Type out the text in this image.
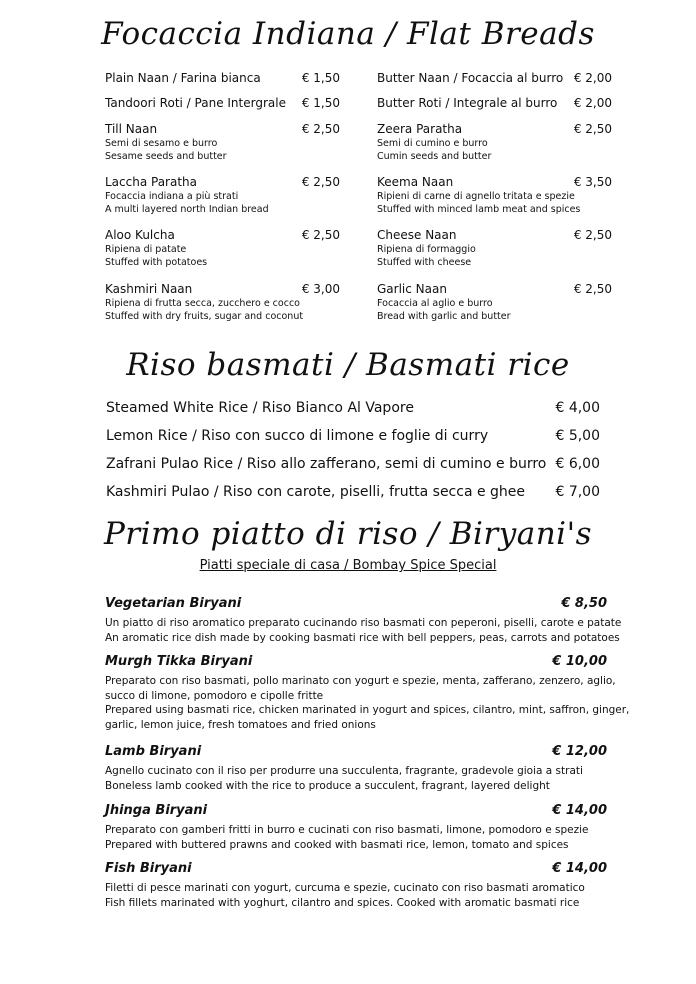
Focaccia Indiana / Flat Breads
Plain Naan / Farina bianca	€ 1,50
Tandoori Roti / Pane Intergrale € 1,50
Till Naan	€ 2,50
Semi di sesamo e burro
Sesame seeds and butter
Laccha Paratha	€ 2,50
Focaccia indiana a più strati
A multi layered north Indian bread
Aloo Kulcha	€ 2,50
Ripiena di patate
Stuffed with potatoes
Kashmiri Naan	€ 3,00
Ripiena di frutta secca, zucchero e cocco
Stuffed with dry fruits, sugar and coconut
Butter Naan / Focaccia al burro € 2,00
Butter Roti / Integrale al burro € 2,00
Zeera Paratha	€ 2,50
Semi di cumino e burro
Cumin seeds and butter
Keema Naan	€ 3,50
Ripieni di carne di agnello tritata e spezie
Stuffed with minced lamb meat and spices
Cheese Naan	€ 2,50
Ripiena di formaggio
Stuffed with cheese
Garlic Naan	€ 2,50
Focaccia al aglio e burro
Bread with garlic and butter
Riso basmati / Basmati rice
Steamed White Rice / Riso Bianco Al Vapore	€ 4,00
Lemon Rice / Riso con succo di limone e foglie di curry	€ 5,00
Zafrani Pulao Rice / Riso allo zafferano, semi di cumino e burro € 6,00
Kashmiri Pulao / Riso con carote, piselli, frutta secca e ghee € 7,00
Primo piatto di riso / Biryani's
Piatti speciale di casa / Bombay Spice Special
Vegetarian Biryani	€ 8,50
Un piatto di riso aromatico preparato cucinando riso basmati con peperoni, piselli, carote e patate
An aromatic rice dish made by cooking basmati rice with bell peppers, peas, carrots and potatoes
Murgh Tikka Biryani	€ 10,00
Preparato con riso basmati, pollo marinato con yogurt e spezie, menta, zafferano, zenzero, aglio,
succo di limone, pomodoro e cipolle fritte
Prepared using basmati rice, chicken marinated in yogurt and spices, cilantro, mint, saffron, ginger,
garlic, lemon juice, fresh tomatoes and fried onions
Lamb Biryani	€ 12,00
Agnello cucinato con il riso per produrre una succulenta, fragrante, gradevole gioia a strati
Boneless lamb cooked with the rice to produce a succulent, fragrant, layered delight
Jhinga Biryani	€ 14,00
Preparato con gamberi fritti in burro e cucinati con riso basmati, limone, pomodoro e spezie
Prepared with buttered prawns and cooked with basmati rice, lemon, tomato and spices
Fish Biryani	€ 14,00
Filetti di pesce marinati con yogurt, curcuma e spezie, cucinato con riso basmati aromatico
Fish fillets marinated with yoghurt, cilantro and spices. Cooked with aromatic basmati rice
